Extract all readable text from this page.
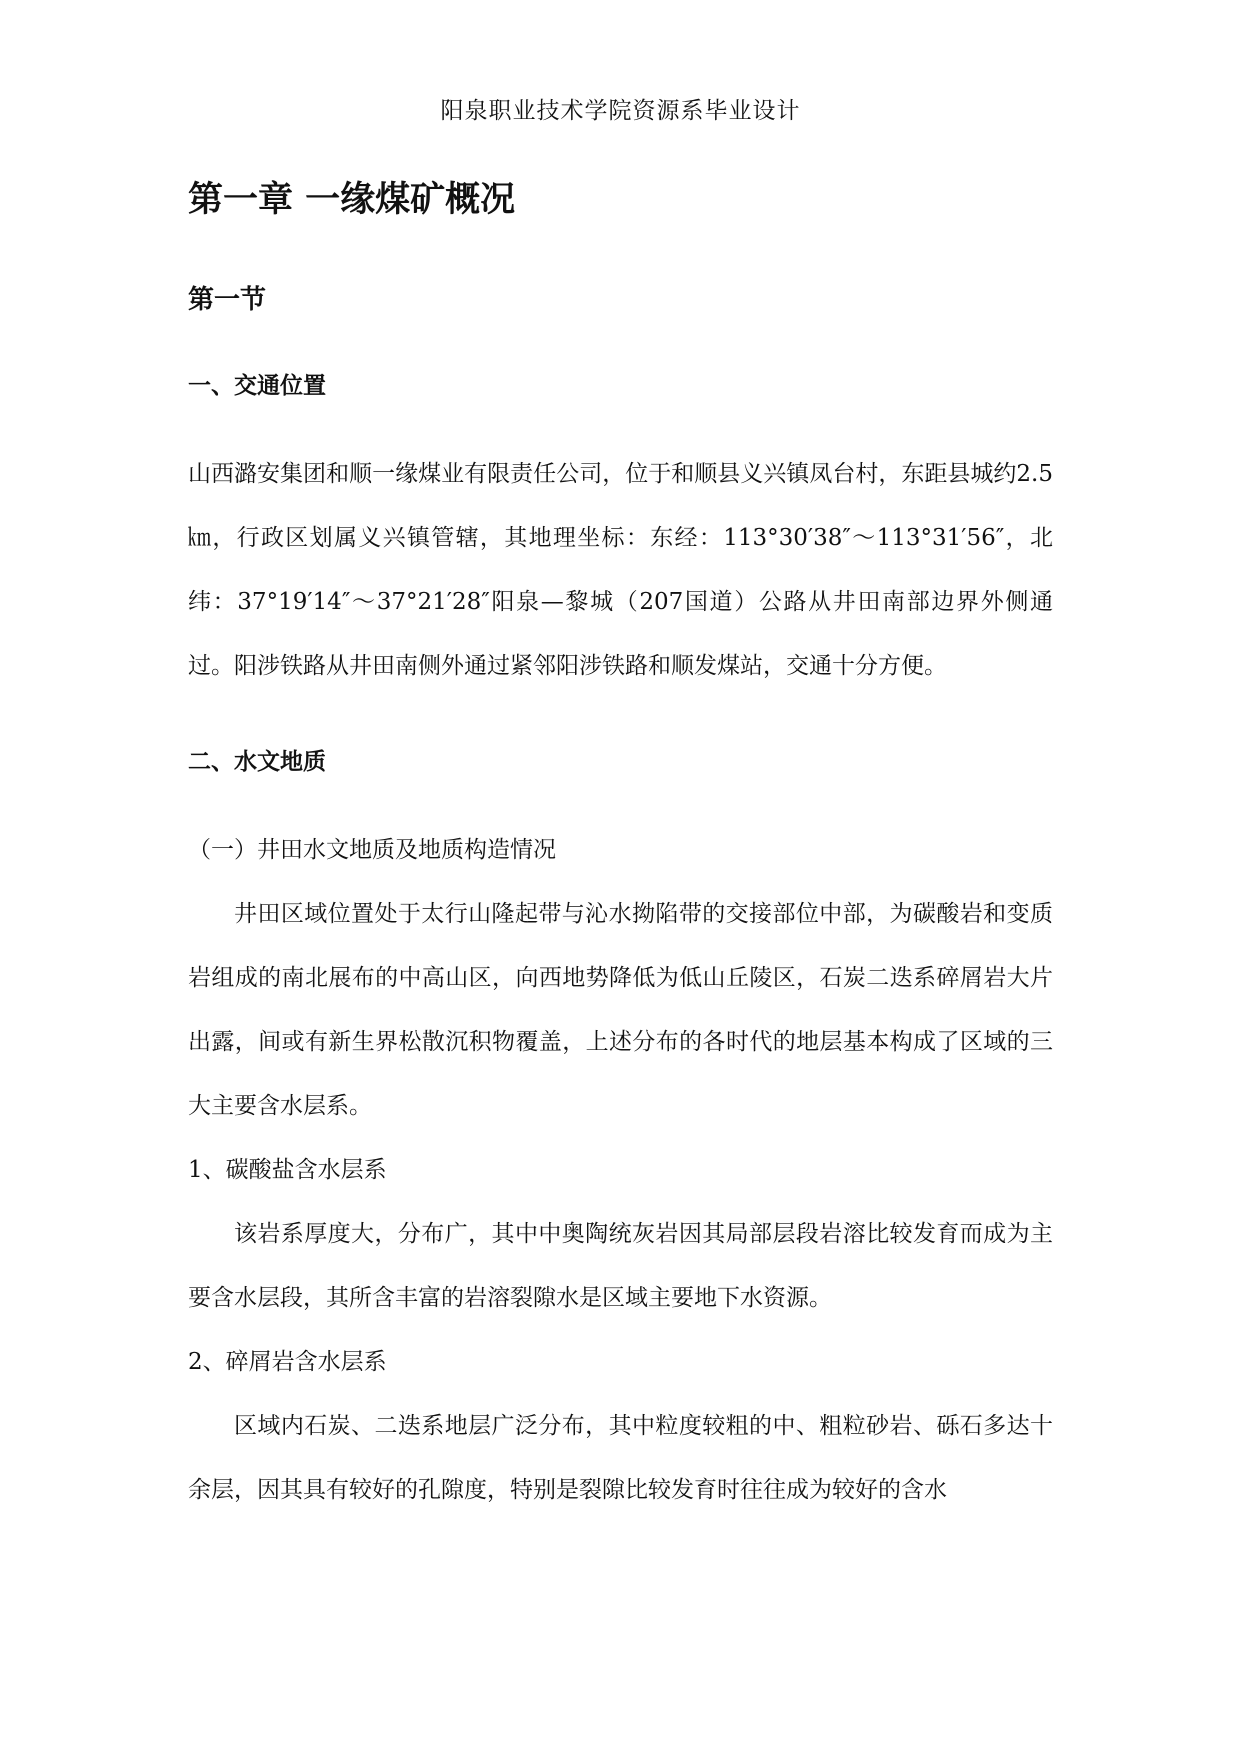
阳泉职业技术学院资源系毕业设计
第一章 一缘煤矿概况
第一节
一、交通位置

山西潞安集团和顺一缘煤业有限责任公司，位于和顺县义兴镇凤台村，东距县城约2.5㎞，行政区划属义兴镇管辖，其地理坐标：东经：113°30′38″～113°31′56″，北纬：37°19′14″～37°21′28″阳泉—黎城（207国道）公路从井田南部边界外侧通过。阳涉铁路从井田南侧外通过紧邻阳涉铁路和顺发煤站，交通十分方便。

二、水文地质
（一）井田水文地质及地质构造情况

井田区域位置处于太行山隆起带与沁水拗陷带的交接部位中部，为碳酸岩和变质岩组成的南北展布的中高山区，向西地势降低为低山丘陵区，石炭二迭系碎屑岩大片出露，间或有新生界松散沉积物覆盖，上述分布的各时代的地层基本构成了区域的三大主要含水层系。

1、碳酸盐含水层系

该岩系厚度大，分布广，其中中奥陶统灰岩因其局部层段岩溶比较发育而成为主要含水层段，其所含丰富的岩溶裂隙水是区域主要地下水资源。

2、碎屑岩含水层系

区域内石炭、二迭系地层广泛分布，其中粒度较粗的中、粗粒砂岩、砾石多达十余层，因其具有较好的孔隙度，特别是裂隙比较发育时往往成为较好的含水
